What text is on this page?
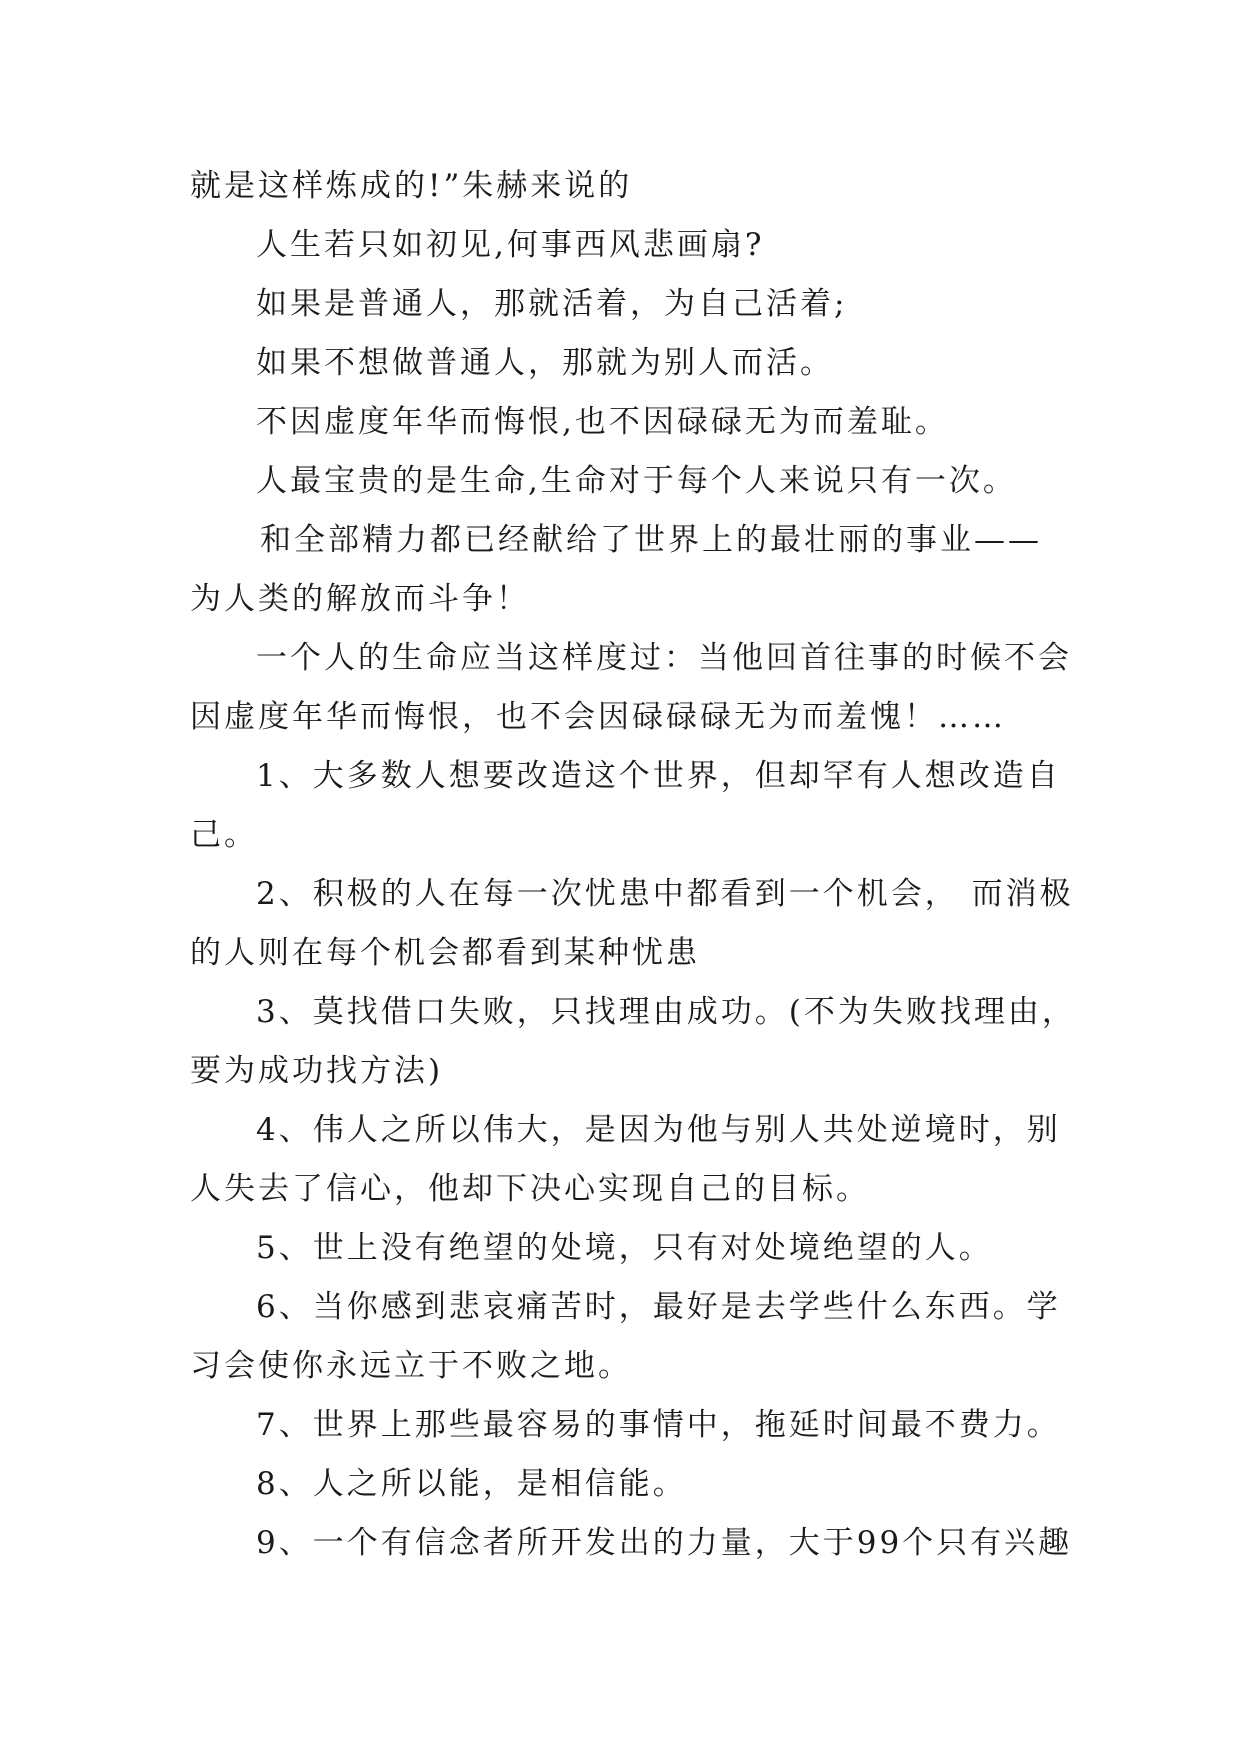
就是这样炼成的!”朱赫来说的
人生若只如初见,何事西风悲画扇?
如果是普通人，那就活着，为自己活着;
如果不想做普通人，那就为别人而活。
不因虚度年华而悔恨,也不因碌碌无为而羞耻。
人最宝贵的是生命,生命对于每个人来说只有一次。
和全部精力都已经献给了世界上的最壮丽的事业——
为人类的解放而斗争！
一个人的生命应当这样度过：当他回首往事的时候不会
因虚度年华而悔恨，也不会因碌碌碌无为而羞愧！……
1、大多数人想要改造这个世界，但却罕有人想改造自
己。
2、积极的人在每一次忧患中都看到一个机会， 而消极
的人则在每个机会都看到某种忧患
3、莫找借口失败，只找理由成功。(不为失败找理由，
要为成功找方法)
4、伟人之所以伟大，是因为他与别人共处逆境时，别
人失去了信心，他却下决心实现自己的目标。
5、世上没有绝望的处境，只有对处境绝望的人。
6、当你感到悲哀痛苦时，最好是去学些什么东西。学
习会使你永远立于不败之地。
7、世界上那些最容易的事情中，拖延时间最不费力。
8、人之所以能，是相信能。
9、一个有信念者所开发出的力量，大于99个只有兴趣
